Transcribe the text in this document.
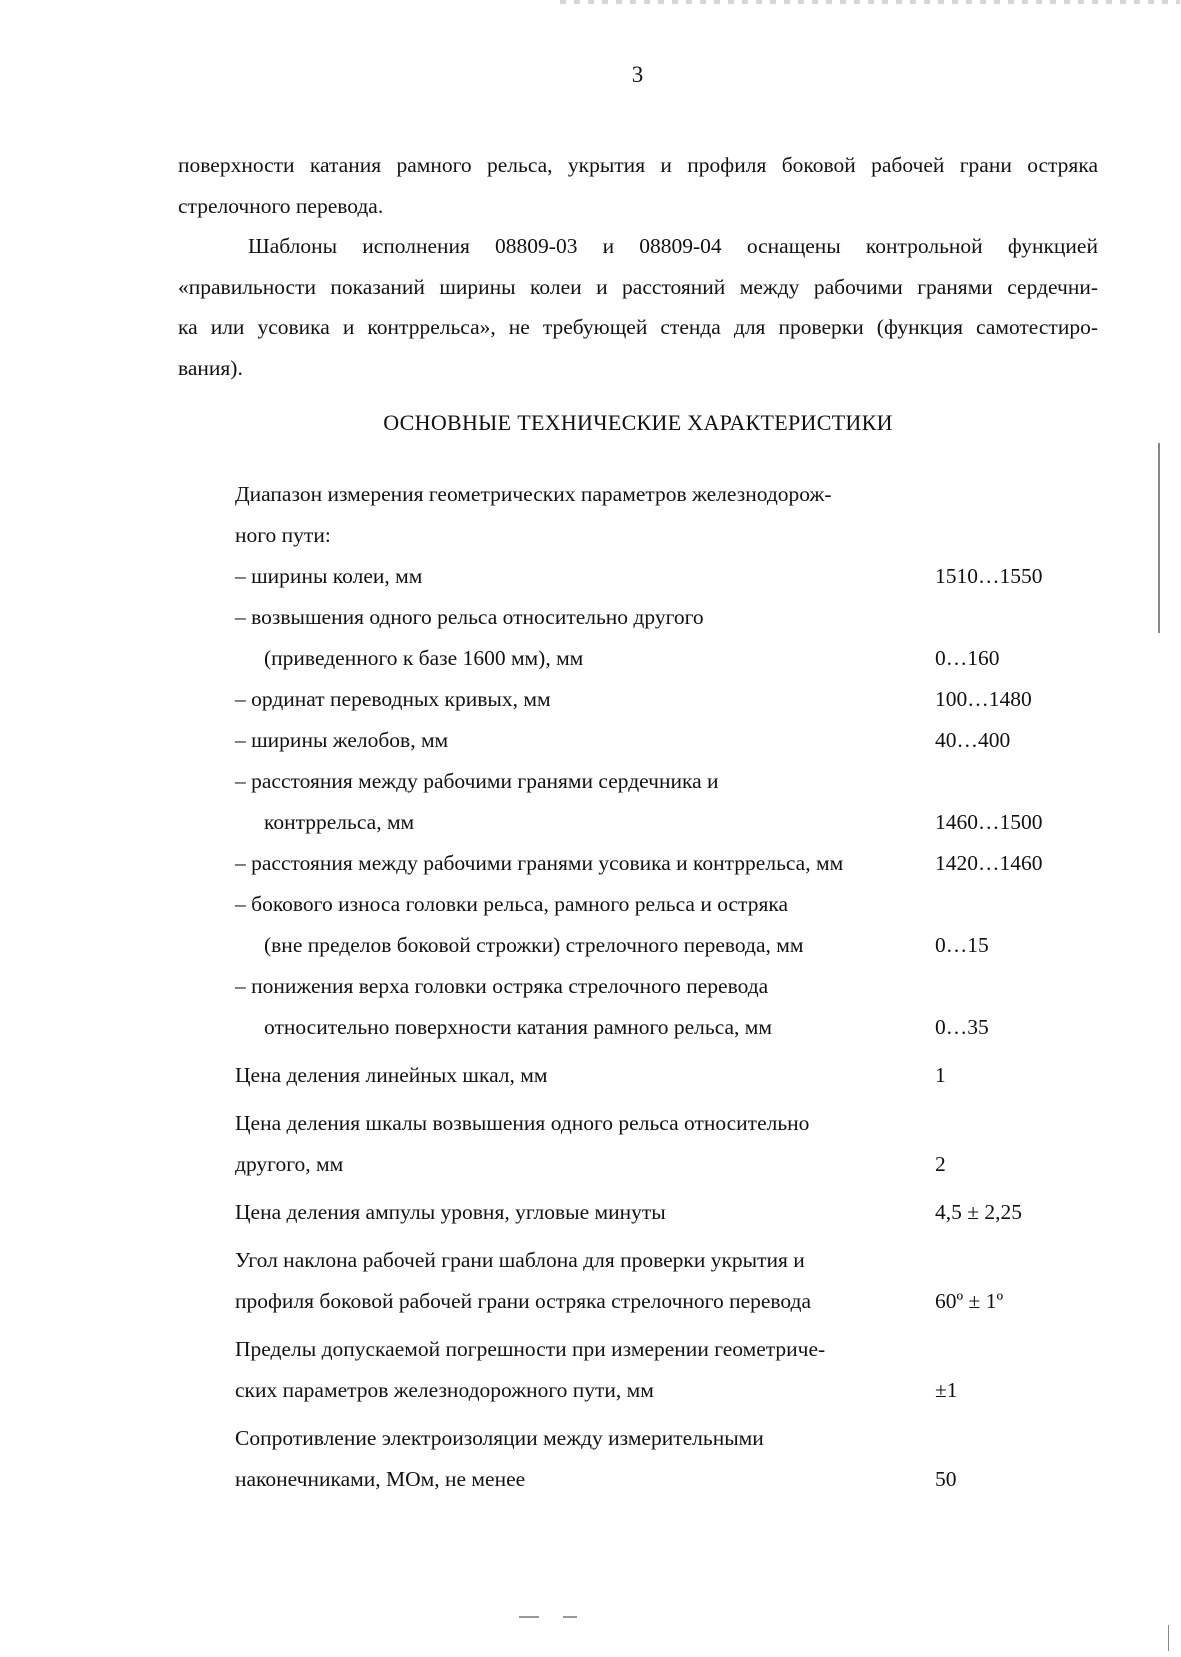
3
поверхности катания рамного рельса, укрытия и профиля боковой рабочей грани остряка
стрелочного перевода.
Шаблоны исполнения 08809-03 и 08809-04 оснащены контрольной функцией
«правильности показаний ширины колеи и расстояний между рабочими гранями сердечни-
ка или усовика и контррельса», не требующей стенда для проверки (функция самотестиро-
вания).
ОСНОВНЫЕ ТЕХНИЧЕСКИЕ ХАРАКТЕРИСТИКИ
Диапазон измерения геометрических параметров железнодорож-
ного пути:
– ширины колеи, мм	1510…1550
– возвышения одного рельса относительно другого
(приведенного к базе 1600 мм), мм	0…160
– ординат переводных кривых, мм	100…1480
– ширины желобов, мм	40…400
– расстояния между рабочими гранями сердечника и
контррельса, мм	1460…1500
– расстояния между рабочими гранями усовика и контррельса, мм	1420…1460
– бокового износа головки рельса, рамного рельса и остряка
(вне пределов боковой строжки) стрелочного перевода, мм	0…15
– понижения верха головки остряка стрелочного перевода
относительно поверхности катания рамного рельса, мм	0…35
Цена деления линейных шкал, мм	1
Цена деления шкалы возвышения одного рельса относительно
другого, мм	2
Цена деления ампулы уровня, угловые минуты	4,5 ± 2,25
Угол наклона рабочей грани шаблона для проверки укрытия и
профиля боковой рабочей грани остряка стрелочного перевода	60º ± 1º
Пределы допускаемой погрешности при измерении геометриче-
ских параметров железнодорожного пути, мм	±1
Сопротивление электроизоляции между измерительными
наконечниками, МОм, не менее	50
